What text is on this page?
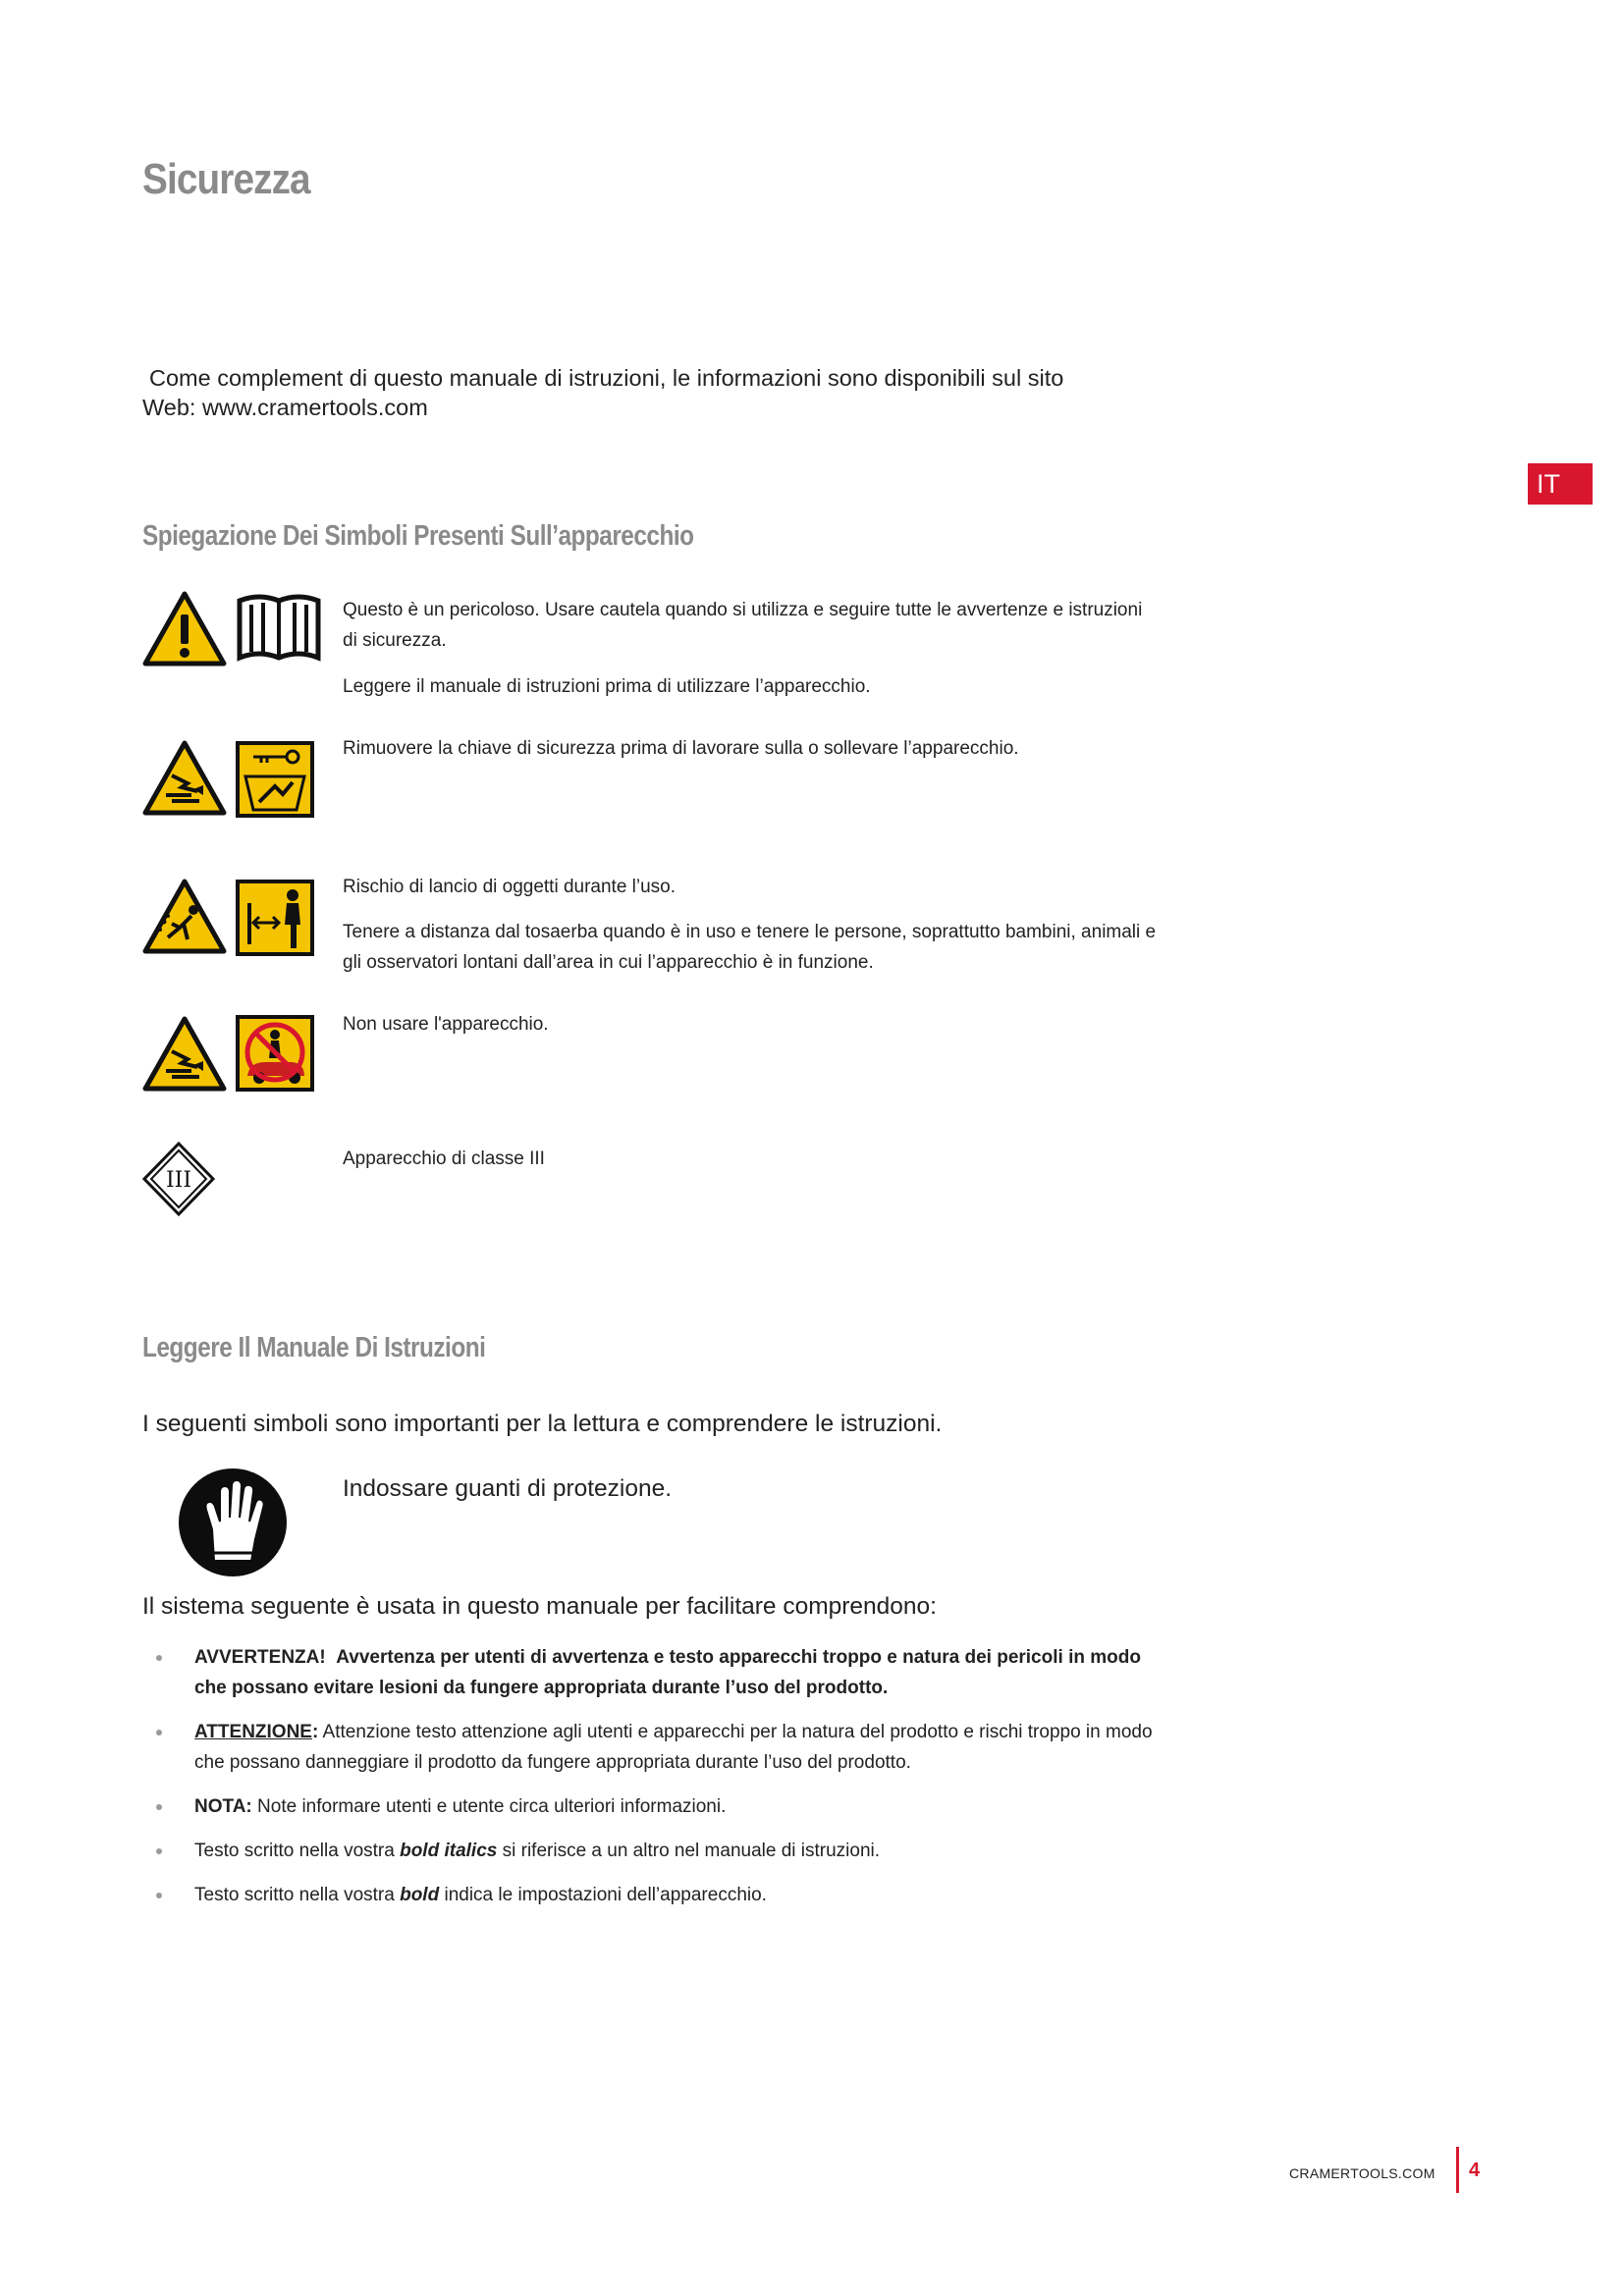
Sicurezza
Come complement di questo manuale di istruzioni, le informazioni sono disponibili sul sito
Web: www.cramertools.com
IT
Spiegazione Dei Simboli Presenti Sull’apparecchio
Questo è un pericoloso. Usare cautela quando si utilizza e seguire tutte le avvertenze e istruzioni di sicurezza.
Leggere il manuale di istruzioni prima di utilizzare l’apparecchio.
Rimuovere la chiave di sicurezza prima di lavorare sulla o sollevare l’apparecchio.
Rischio di lancio di oggetti durante l’uso.
Tenere a distanza dal tosaerba quando è in uso e tenere le persone, soprattutto bambini, animali e gli osservatori lontani dall’area in cui l’apparecchio è in funzione.
Non usare l'apparecchio.
III
Apparecchio di classe III
Leggere Il Manuale Di Istruzioni
I seguenti simboli sono importanti per la lettura e comprendere le istruzioni.
Indossare guanti di protezione.
Il sistema seguente è usata in questo manuale per facilitare comprendono:
AVVERTENZA! Avvertenza per utenti di avvertenza e testo apparecchi troppo e natura dei pericoli in modo che possano evitare lesioni da fungere appropriata durante l’uso del prodotto.
ATTENZIONE: Attenzione testo attenzione agli utenti e apparecchi per la natura del prodotto e rischi troppo in modo che possano danneggiare il prodotto da fungere appropriata durante l’uso del prodotto.
NOTA: Note informare utenti e utente circa ulteriori informazioni.
Testo scritto nella vostra bold italics si riferisce a un altro nel manuale di istruzioni.
Testo scritto nella vostra bold indica le impostazioni dell’apparecchio.
CRAMERTOOLS.COM 4
